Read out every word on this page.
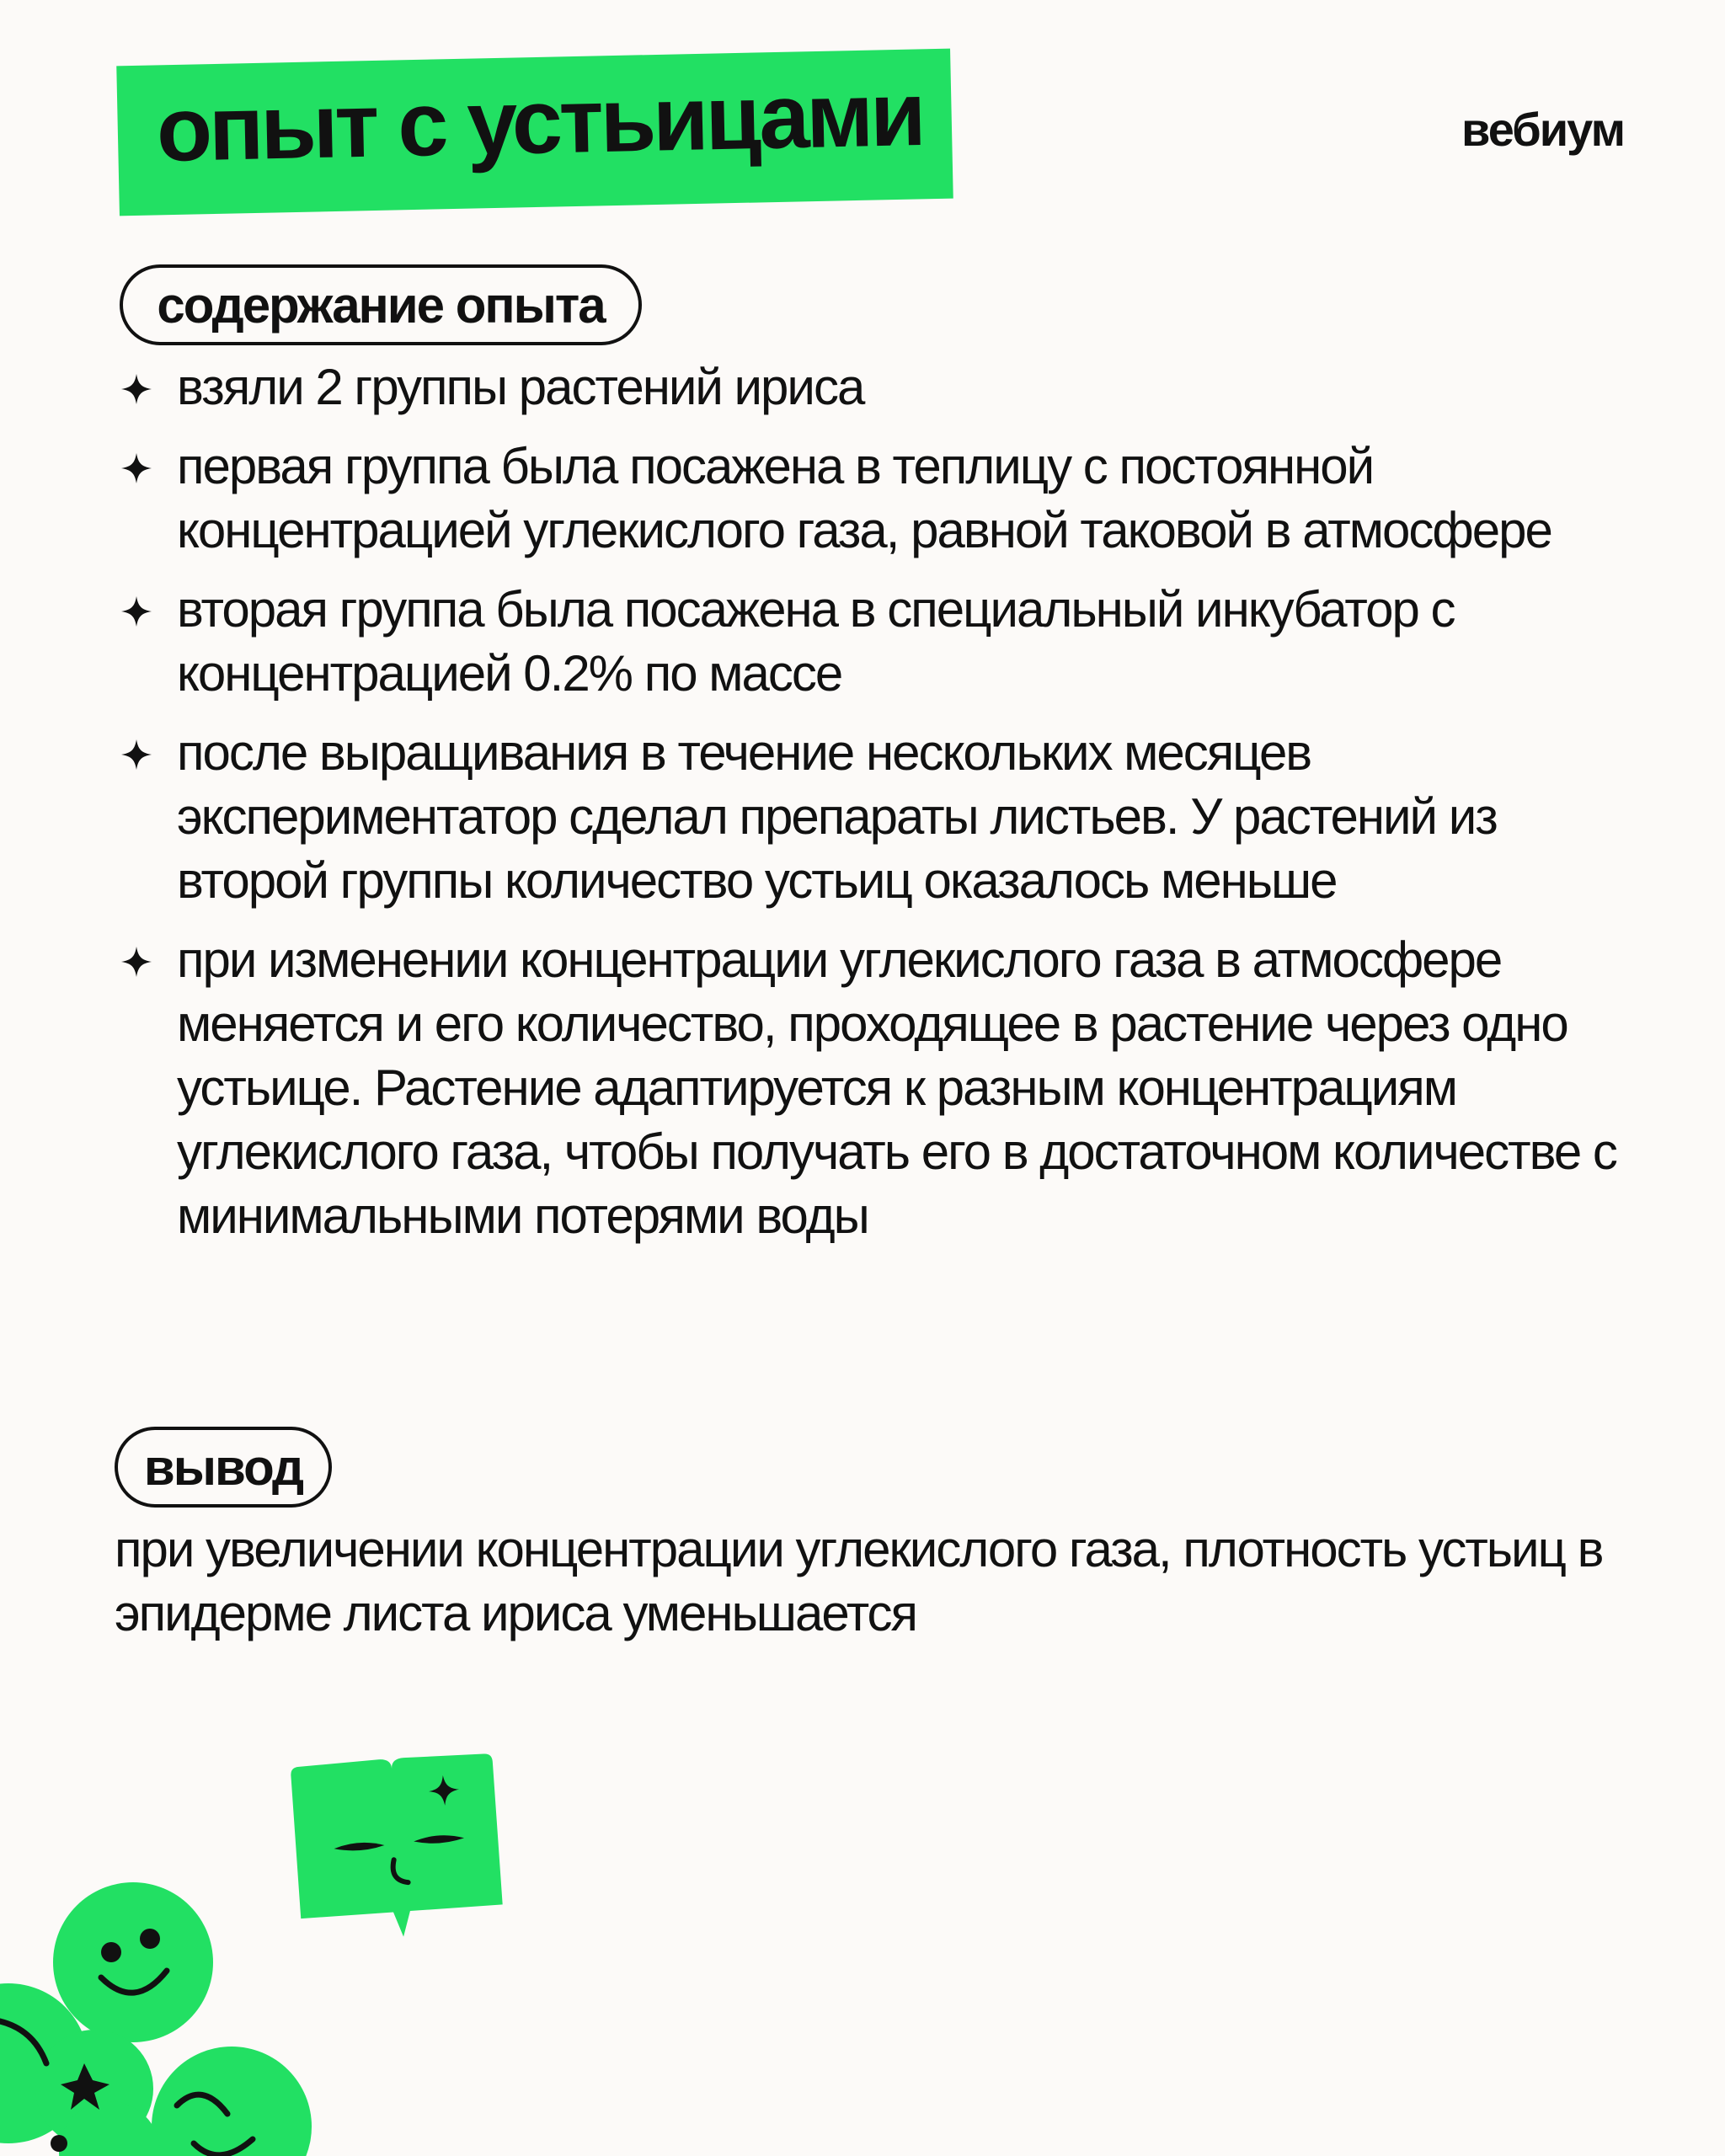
опыт с устьицами	вебиум
содержание опыта
взяли 2 группы растений ириса
первая группа была посажена в теплицу с постоянной концентрацией углекислого газа, равной таковой в атмосфере
вторая группа была посажена в специальный инкубатор с концентрацией 0.2% по массе
после выращивания в течение нескольких месяцев экспериментатор сделал препараты листьев. У растений из второй группы количество устьиц оказалось меньше
при изменении концентрации углекислого газа в атмосфере меняется и его количество, проходящее в растение через одно устьице. Растение адаптируется к разным концентрациям углекислого газа, чтобы получать его в достаточном количестве с минимальными потерями воды
вывод
при увеличении концентрации углекислого газа, плотность устьиц в эпидерме листа ириса уменьшается
